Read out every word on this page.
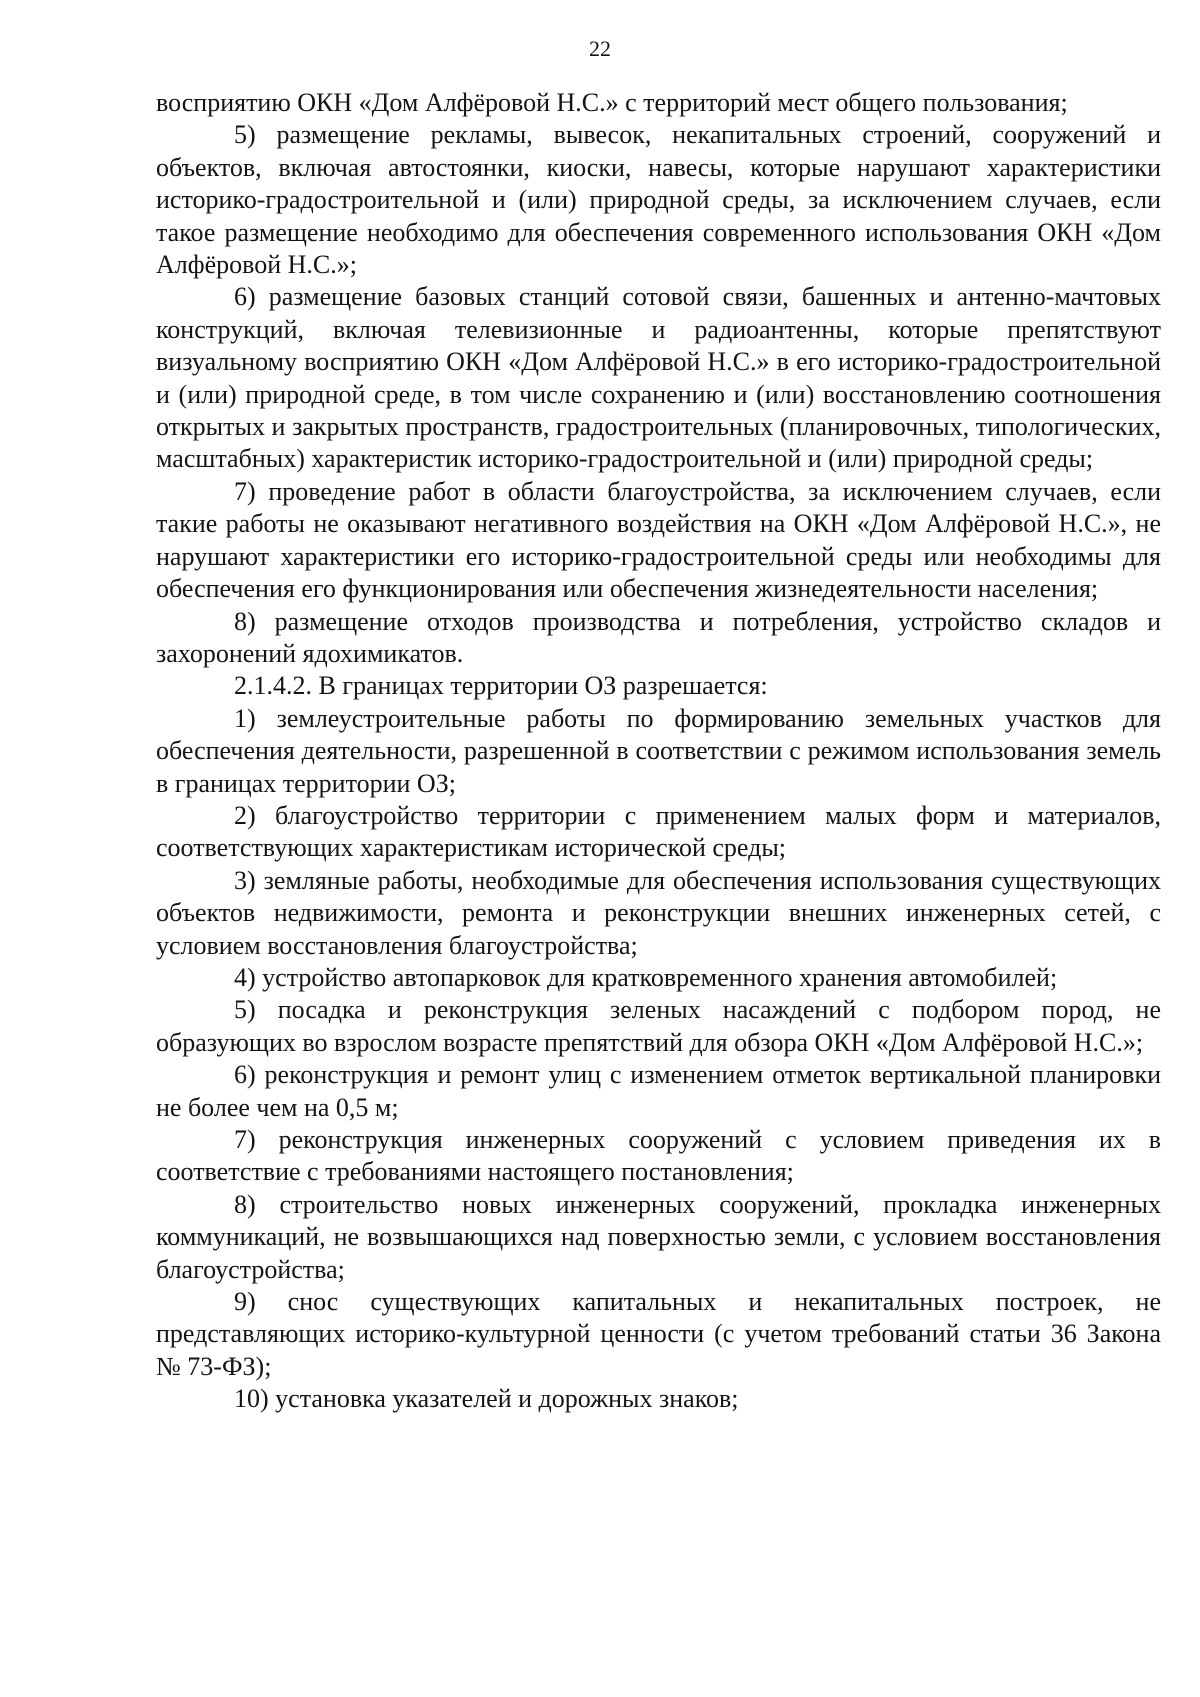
22

восприятию ОКН «Дом Алфёровой Н.С.» с территорий мест общего пользования;

5) размещение рекламы, вывесок, некапитальных строений, сооружений и объектов, включая автостоянки, киоски, навесы, которые нарушают характеристики историко-градостроительной и (или) природной среды, за исключением случаев, если такое размещение необходимо для обеспечения современного использования ОКН «Дом Алфёровой Н.С.»;

6) размещение базовых станций сотовой связи, башенных и антенно-мачтовых конструкций, включая телевизионные и радиоантенны, которые препятствуют визуальному восприятию ОКН «Дом Алфёровой Н.С.» в его историко-градостроительной и (или) природной среде, в том числе сохранению и (или) восстановлению соотношения открытых и закрытых пространств, градостроительных (планировочных, типологических, масштабных) характеристик историко-градостроительной и (или) природной среды;

7) проведение работ в области благоустройства, за исключением случаев, если такие работы не оказывают негативного воздействия на ОКН «Дом Алфёровой Н.С.», не нарушают характеристики его историко-градостроительной среды или необходимы для обеспечения его функционирования или обеспечения жизнедеятельности населения;

8) размещение отходов производства и потребления, устройство складов и захоронений ядохимикатов.

2.1.4.2. В границах территории ОЗ разрешается:

1) землеустроительные работы по формированию земельных участков для обеспечения деятельности, разрешенной в соответствии с режимом использования земель в границах территории ОЗ;

2) благоустройство территории с применением малых форм и материалов, соответствующих характеристикам исторической среды;

3) земляные работы, необходимые для обеспечения использования существующих объектов недвижимости, ремонта и реконструкции внешних инженерных сетей, с условием восстановления благоустройства;

4) устройство автопарковок для кратковременного хранения автомобилей;

5) посадка и реконструкция зеленых насаждений с подбором пород, не образующих во взрослом возрасте препятствий для обзора ОКН «Дом Алфёровой Н.С.»;

6) реконструкция и ремонт улиц с изменением отметок вертикальной планировки не более чем на 0,5 м;

7) реконструкция инженерных сооружений с условием приведения их в соответствие с требованиями настоящего постановления;

8) строительство новых инженерных сооружений, прокладка инженерных коммуникаций, не возвышающихся над поверхностью земли, с условием восстановления благоустройства;

9) снос существующих капитальных и некапитальных построек, не представляющих историко-культурной ценности (с учетом требований статьи 36 Закона № 73-ФЗ);

10) установка указателей и дорожных знаков;
